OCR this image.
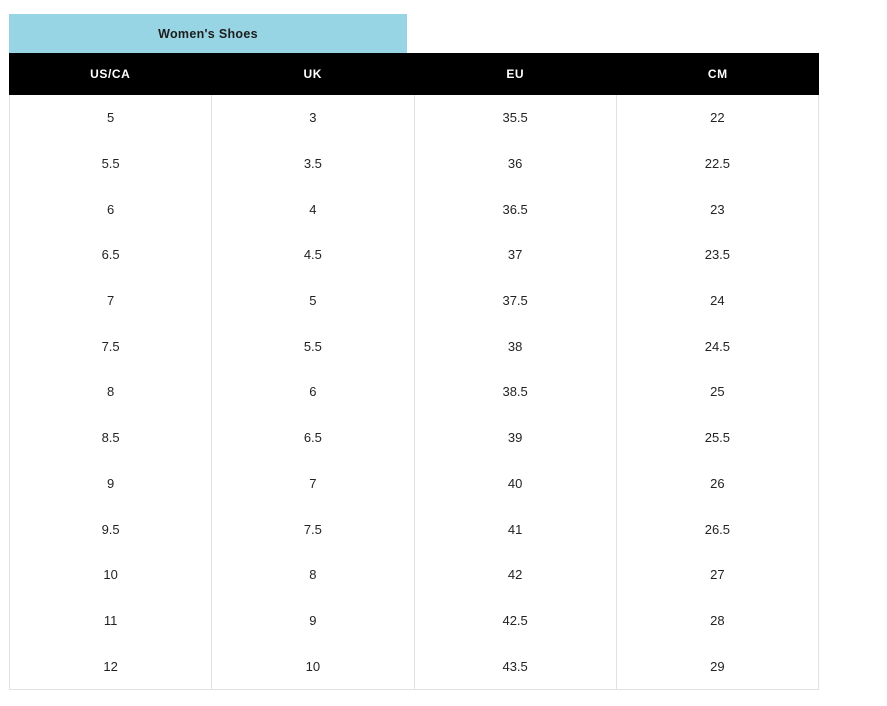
Women's Shoes
US/CA	UK	EU	CM
5	3	35.5	22
5.5	3.5	36	22.5
6	4	36.5	23
6.5	4.5	37	23.5
7	5	37.5	24
7.5	5.5	38	24.5
8	6	38.5	25
8.5	6.5	39	25.5
9	7	40	26
9.5	7.5	41	26.5
10	8	42	27
11	9	42.5	28
12	10	43.5	29
